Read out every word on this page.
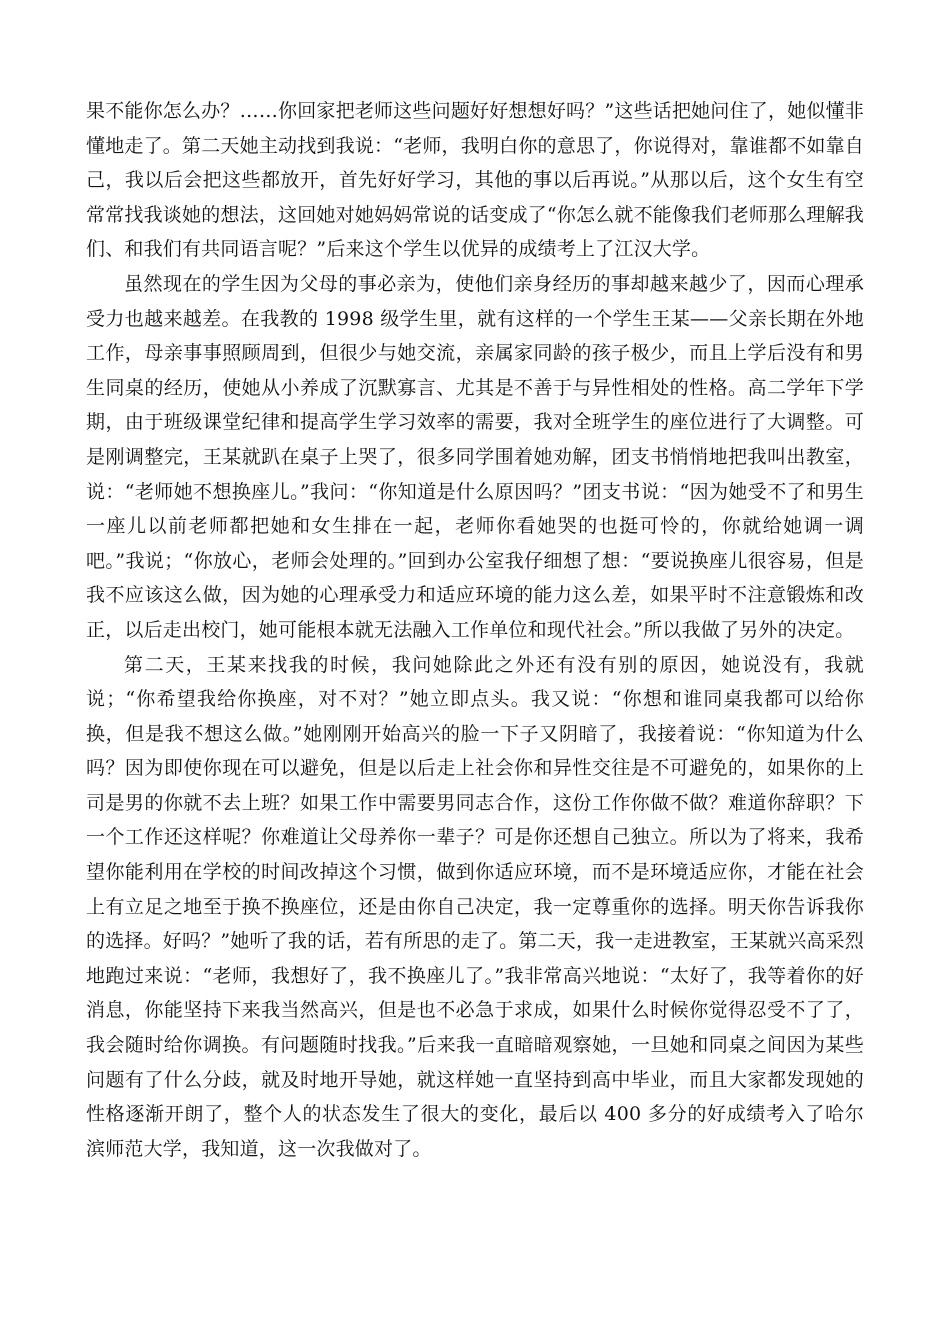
果不能你怎么办？……你回家把老师这些问题好好想想好吗？”这些话把她问住了，她似懂非懂地走了。第二天她主动找到我说：“老师，我明白你的意思了，你说得对，靠谁都不如靠自己，我以后会把这些都放开，首先好好学习，其他的事以后再说。”从那以后，这个女生有空常常找我谈她的想法，这回她对她妈妈常说的话变成了“你怎么就不能像我们老师那么理解我们、和我们有共同语言呢？”后来这个学生以优异的成绩考上了江汉大学。

虽然现在的学生因为父母的事必亲为，使他们亲身经历的事却越来越少了，因而心理承受力也越来越差。在我教的 1998 级学生里，就有这样的一个学生王某——父亲长期在外地工作，母亲事事照顾周到，但很少与她交流，亲属家同龄的孩子极少，而且上学后没有和男生同桌的经历，使她从小养成了沉默寡言、尤其是不善于与异性相处的性格。高二学年下学期，由于班级课堂纪律和提高学生学习效率的需要，我对全班学生的座位进行了大调整。可是刚调整完，王某就趴在桌子上哭了，很多同学围着她劝解，团支书悄悄地把我叫出教室，说：“老师她不想换座儿。”我问：“你知道是什么原因吗？”团支书说：“因为她受不了和男生一座儿以前老师都把她和女生排在一起，老师你看她哭的也挺可怜的，你就给她调一调吧。”我说；“你放心，老师会处理的。”回到办公室我仔细想了想：“要说换座儿很容易，但是我不应该这么做，因为她的心理承受力和适应环境的能力这么差，如果平时不注意锻炼和改正，以后走出校门，她可能根本就无法融入工作单位和现代社会。”所以我做了另外的决定。

第二天，王某来找我的时候，我问她除此之外还有没有别的原因，她说没有，我就说；“你希望我给你换座，对不对？”她立即点头。我又说：“你想和谁同桌我都可以给你换，但是我不想这么做。”她刚刚开始高兴的脸一下子又阴暗了，我接着说：“你知道为什么吗？因为即使你现在可以避免，但是以后走上社会你和异性交往是不可避免的，如果你的上司是男的你就不去上班？如果工作中需要男同志合作，这份工作你做不做？难道你辞职？下一个工作还这样呢？你难道让父母养你一辈子？可是你还想自己独立。所以为了将来，我希望你能利用在学校的时间改掉这个习惯，做到你适应环境，而不是环境适应你，才能在社会上有立足之地至于换不换座位，还是由你自己决定，我一定尊重你的选择。明天你告诉我你的选择。好吗？”她听了我的话，若有所思的走了。第二天，我一走进教室，王某就兴高采烈地跑过来说：“老师，我想好了，我不换座儿了。”我非常高兴地说：“太好了，我等着你的好消息，你能坚持下来我当然高兴，但是也不必急于求成，如果什么时候你觉得忍受不了了，我会随时给你调换。有问题随时找我。”后来我一直暗暗观察她，一旦她和同桌之间因为某些问题有了什么分歧，就及时地开导她，就这样她一直坚持到高中毕业，而且大家都发现她的性格逐渐开朗了，整个人的状态发生了很大的变化，最后以 400 多分的好成绩考入了哈尔滨师范大学，我知道，这一次我做对了。
